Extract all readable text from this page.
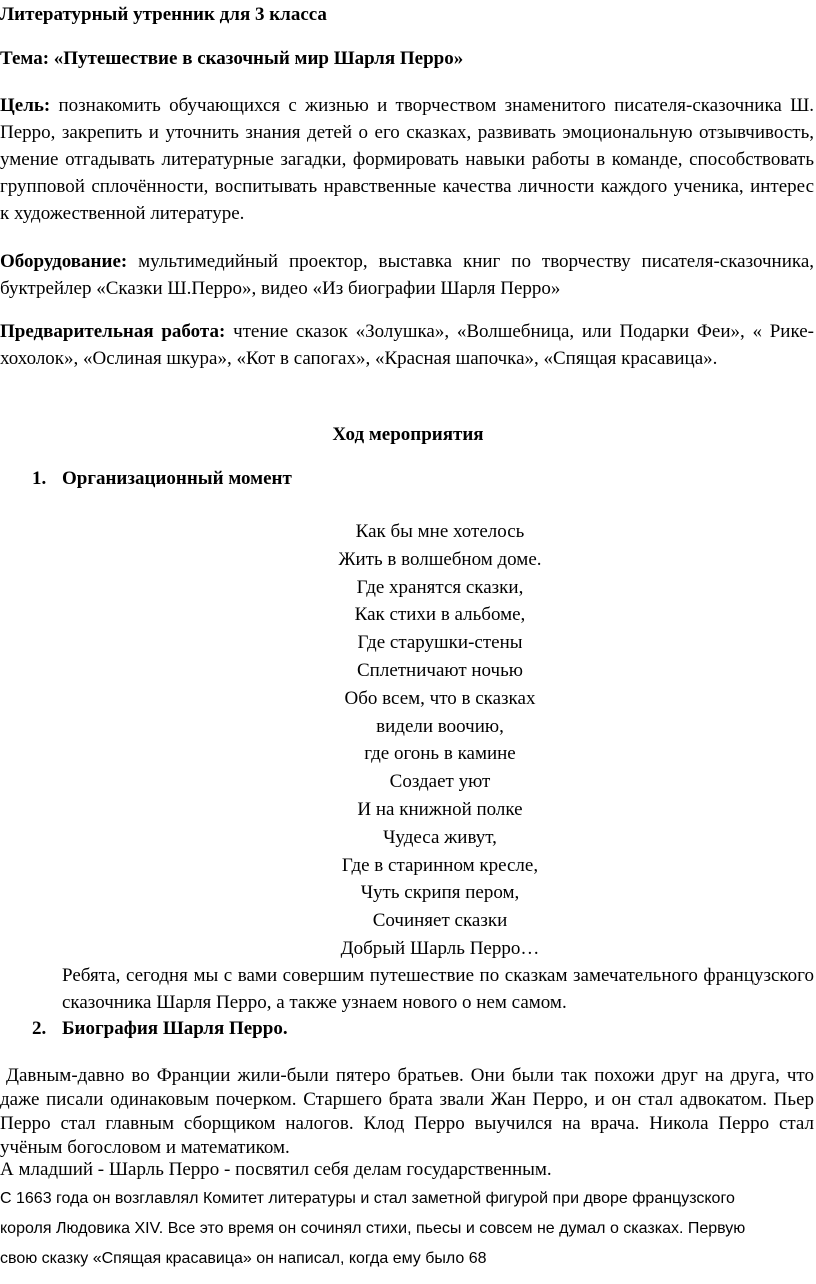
Литературный утренник для 3 класса
Тема: «Путешествие в сказочный мир Шарля Перро»
Цель: познакомить обучающихся с жизнью и творчеством знаменитого писателя-сказочника Ш. Перро, закрепить и уточнить знания детей о его сказках, развивать эмоциональную отзывчивость, умение отгадывать литературные загадки, формировать навыки работы в команде, способствовать групповой сплочённости, воспитывать нравственные качества личности каждого ученика, интерес к художественной литературе.
Оборудование: мультимедийный проектор, выставка книг по творчеству писателя-сказочника, буктрейлер «Сказки Ш.Перро», видео «Из биографии Шарля Перро»
Предварительная работа: чтение сказок «Золушка», «Волшебница, или Подарки Феи», « Рике-хохолок», «Ослиная шкура», «Кот в сапогах», «Красная шапочка», «Спящая красавица».
Ход мероприятия
1. Организационный момент
Как бы мне хотелось
Жить в волшебном доме.
Где хранятся сказки,
Как стихи в альбоме,
Где старушки-стены
Сплетничают ночью
Обо всем, что в сказках
видели воочию,
где огонь в камине
Создает уют
И на книжной полке
Чудеса живут,
Где в старинном кресле,
Чуть скрипя пером,
Сочиняет сказки
Добрый Шарль Перро…
Ребята, сегодня мы с вами совершим путешествие по сказкам замечательного французского сказочника Шарля Перро, а также узнаем нового о нем самом.
2. Биография Шарля Перро.
Давным-давно во Франции жили-были пятеро братьев. Они были так похожи друг на друга, что даже писали одинаковым почерком. Старшего брата звали Жан Перро, и он стал адвокатом. Пьер Перро стал главным сборщиком налогов. Клод Перро выучился на врача. Никола Перро стал учёным богословом и математиком.
А младший - Шарль Перро - посвятил себя делам государственным.
С 1663 года он возглавлял Комитет литературы и стал заметной фигурой при дворе французского
короля Людовика XIV. Все это время он сочинял стихи, пьесы и совсем не думал о сказках. Первую
свою сказку «Спящая красавица» он написал, когда ему было 68
